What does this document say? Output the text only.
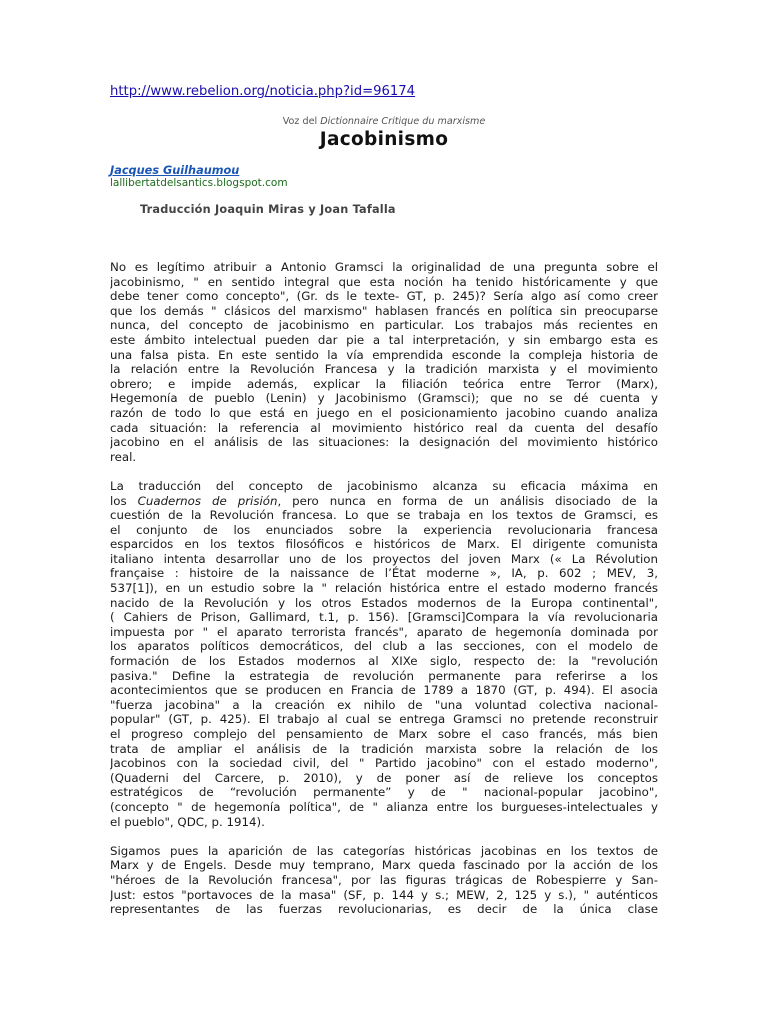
http://www.rebelion.org/noticia.php?id=96174
Voz del Dictionnaire Critique du marxisme
Jacobinismo
Jacques Guilhaumou
lallibertatdelsantics.blogspot.com
Traducción Joaquin Miras y Joan Tafalla
No es legítimo atribuir a Antonio Gramsci la originalidad de una pregunta sobre el
jacobinismo, " en sentido integral que esta noción ha tenido históricamente y que
debe tener como concepto", (Gr. ds le texte- GT, p. 245)? Sería algo así como creer
que los demás " clásicos del marxismo" hablasen francés en política sin preocuparse
nunca, del concepto de jacobinismo en particular. Los trabajos más recientes en
este ámbito intelectual pueden dar pie a tal interpretación, y sin embargo esta es
una falsa pista. En este sentido la vía emprendida esconde la compleja historia de
la relación entre la Revolución Francesa y la tradición marxista y el movimiento
obrero; e impide además, explicar la filiación teórica entre Terror (Marx),
Hegemonía de pueblo (Lenin) y Jacobinismo (Gramsci); que no se dé cuenta y
razón de todo lo que está en juego en el posicionamiento jacobino cuando analiza
cada situación: la referencia al movimiento histórico real da cuenta del desafío
jacobino en el análisis de las situaciones: la designación del movimiento histórico
real.
La traducción del concepto de jacobinismo alcanza su eficacia máxima en
los Cuadernos de prisión, pero nunca en forma de un análisis disociado de la
cuestión de la Revolución francesa. Lo que se trabaja en los textos de Gramsci, es
el conjunto de los enunciados sobre la experiencia revolucionaria francesa
esparcidos en los textos filosóficos e históricos de Marx. El dirigente comunista
italiano intenta desarrollar uno de los proyectos del joven Marx (« La Révolution
française : histoire de la naissance de l’État moderne », IA, p. 602 ; MEV, 3,
537[1]), en un estudio sobre la " relación histórica entre el estado moderno francés
nacido de la Revolución y los otros Estados modernos de la Europa continental",
( Cahiers de Prison, Gallimard, t.1, p. 156). [Gramsci]Compara la vía revolucionaria
impuesta por " el aparato terrorista francés", aparato de hegemonía dominada por
los aparatos políticos democráticos, del club a las secciones, con el modelo de
formación de los Estados modernos al XIXe siglo, respecto de: la "revolución
pasiva." Define la estrategia de revolución permanente para referirse a los
acontecimientos que se producen en Francia de 1789 a 1870 (GT, p. 494). El asocia
"fuerza jacobina" a la creación ex nihilo de "una voluntad colectiva nacional-
popular" (GT, p. 425). El trabajo al cual se entrega Gramsci no pretende reconstruir
el progreso complejo del pensamiento de Marx sobre el caso francés, más bien
trata de ampliar el análisis de la tradición marxista sobre la relación de los
Jacobinos con la sociedad civil, del " Partido jacobino" con el estado moderno",
(Quaderni del Carcere, p. 2010), y de poner así de relieve los conceptos
estratégicos de “revolución permanente” y de " nacional-popular jacobino",
(concepto " de hegemonía política", de " alianza entre los burgueses-intelectuales y
el pueblo", QDC, p. 1914).
Sigamos pues la aparición de las categorías históricas jacobinas en los textos de
Marx y de Engels. Desde muy temprano, Marx queda fascinado por la acción de los
"héroes de la Revolución francesa", por las figuras trágicas de Robespierre y San-
Just: estos "portavoces de la masa" (SF, p. 144 y s.; MEW, 2, 125 y s.), " auténticos
representantes de las fuerzas revolucionarias, es decir de la única clase
